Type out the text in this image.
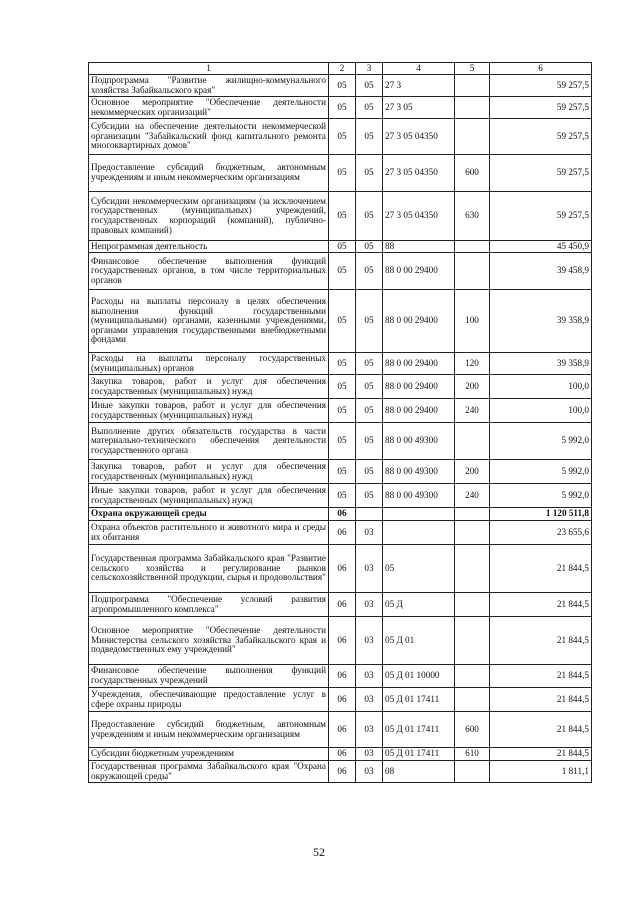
1	2	3	4	5	6
Подпрограмма "Развитие жилищно-коммунального хозяйства Забайкальского края"	05	05	27 3		59 257,5
Основное мероприятие "Обеспечение деятельности некоммерческих организаций"	05	05	27 3 05		59 257,5
Субсидии на обеспечение деятельности некоммерческой организации "Забайкальский фонд капитального ремонта многоквартирных домов"	05	05	27 3 05 04350		59 257,5
Предоставление субсидий бюджетным, автономным учреждениям и иным некоммерческим организациям	05	05	27 3 05 04350	600	59 257,5
Субсидии некоммерческим организациям (за исключением государственных (муниципальных) учреждений, государственных корпораций (компаний), публично-правовых компаний)	05	05	27 3 05 04350	630	59 257,5
Непрограммная деятельность	05	05	88		45 450,9
Финансовое обеспечение выполнения функций государственных органов, в том числе территориальных органов	05	05	88 0 00 29400		39 458,9
Расходы на выплаты персоналу в целях обеспечения выполнения функций государственными (муниципальными) органами, казенными учреждениями, органами управления государственными внебюджетными фондами	05	05	88 0 00 29400	100	39 358,9
Расходы на выплаты персоналу государственных (муниципальных) органов	05	05	88 0 00 29400	120	39 358,9
Закупка товаров, работ и услуг для обеспечения государственных (муниципальных) нужд	05	05	88 0 00 29400	200	100,0
Иные закупки товаров, работ и услуг для обеспечения государственных (муниципальных) нужд	05	05	88 0 00 29400	240	100,0
Выполнение других обязательств государства в части материально-технического обеспечения деятельности государственного органа	05	05	88 0 00 49300		5 992,0
Закупка товаров, работ и услуг для обеспечения государственных (муниципальных) нужд	05	05	88 0 00 49300	200	5 992,0
Иные закупки товаров, работ и услуг для обеспечения государственных (муниципальных) нужд	05	05	88 0 00 49300	240	5 992,0
Охрана окружающей среды	06				1 120 511,8
Охрана объектов растительного и животного мира и среды их обитания	06	03			23 655,6
Государственная программа Забайкальского края "Развитие сельского хозяйства и регулирование рынков сельскохозяйственной продукции, сырья и продовольствия"	06	03	05		21 844,5
Подпрограмма "Обеспечение условий развития агропромышленного комплекса"	06	03	05 Д		21 844,5
Основное мероприятие "Обеспечение деятельности Министерства сельского хозяйства Забайкальского края и подведомственных ему учреждений"	06	03	05 Д 01		21 844,5
Финансовое обеспечение выполнения функций государственных учреждений	06	03	05 Д 01 10000		21 844,5
Учреждения, обеспечивающие предоставление услуг в сфере охраны природы	06	03	05 Д 01 17411		21 844,5
Предоставление субсидий бюджетным, автономным учреждениям и иным некоммерческим организациям	06	03	05 Д 01 17411	600	21 844,5
Субсидии бюджетным учреждениям	06	03	05 Д 01 17411	610	21 844,5
Государственная программа Забайкальского края "Охрана окружающей среды"	06	03	08		1 811,1
52
